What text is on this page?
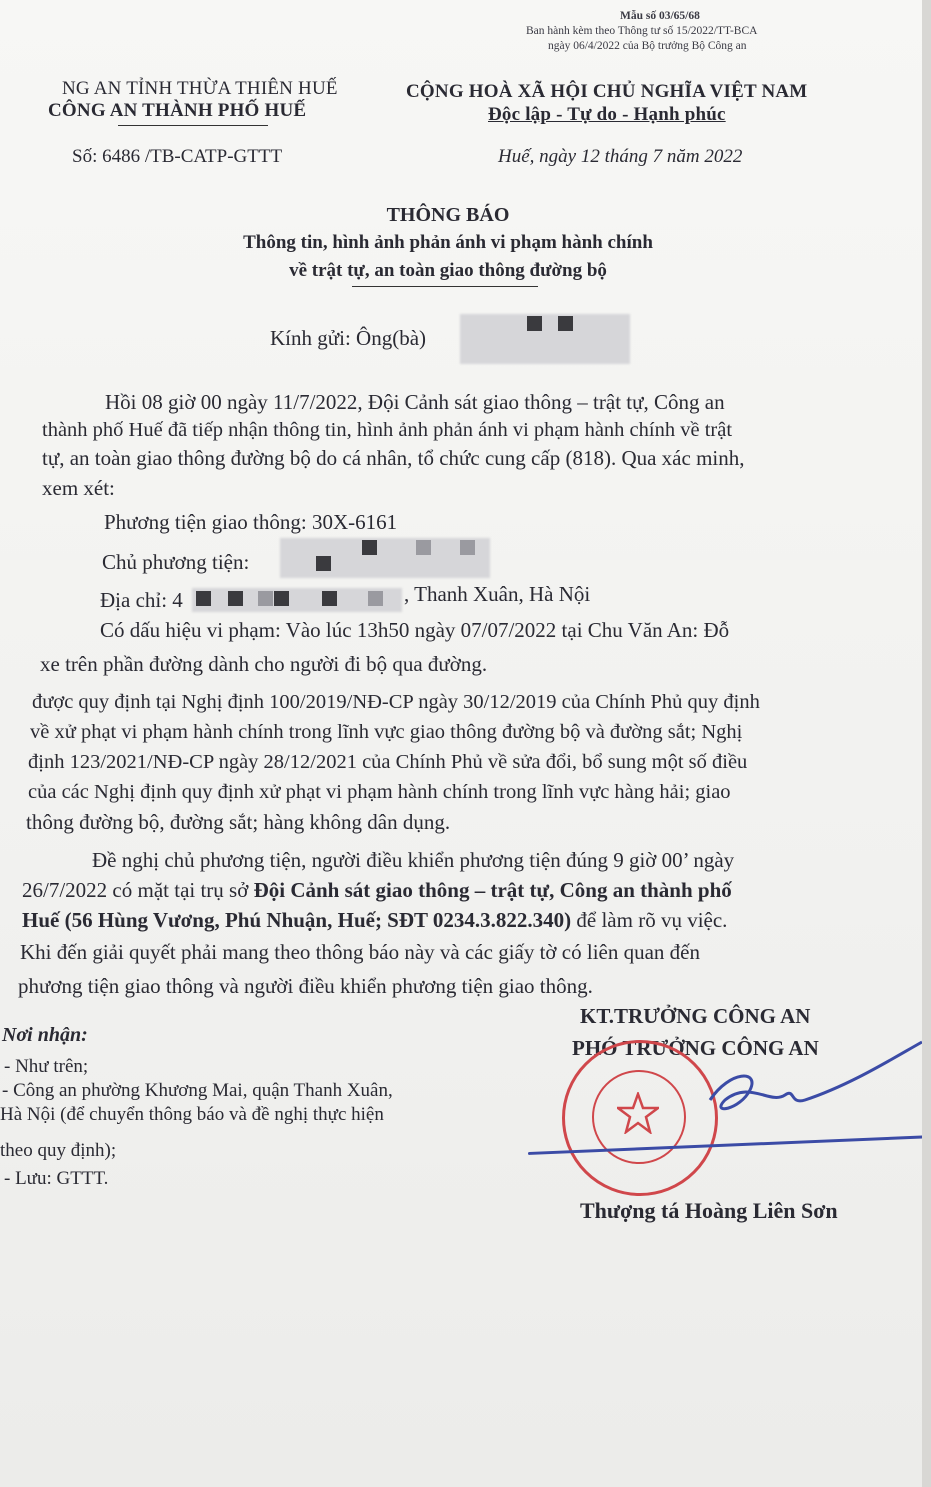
Mẫu số 03/65/68
Ban hành kèm theo Thông tư số 15/2022/TT-BCA
ngày 06/4/2022 của Bộ trưởng Bộ Công an
NG AN TỈNH THỪA THIÊN HUẾ
CÔNG AN THÀNH PHỐ HUẾ
Số: 6486 /TB-CATP-GTTT
CỘNG HOÀ XÃ HỘI CHỦ NGHĨA VIỆT NAM
Độc lập - Tự do - Hạnh phúc
Huế, ngày 12 tháng 7 năm 2022
THÔNG BÁO
Thông tin, hình ảnh phản ánh vi phạm hành chính
về trật tự, an toàn giao thông đường bộ
Kính gửi: Ông(bà)
Hồi 08 giờ 00 ngày 11/7/2022, Đội Cảnh sát giao thông – trật tự, Công an
thành phố Huế đã tiếp nhận thông tin, hình ảnh phản ánh vi phạm hành chính về trật
tự, an toàn giao thông đường bộ do cá nhân, tổ chức cung cấp (818). Qua xác minh,
xem xét:
Phương tiện giao thông: 30X-6161
Chủ phương tiện:
Địa chỉ: 4	, Thanh Xuân, Hà Nội
Có dấu hiệu vi phạm: Vào lúc 13h50 ngày 07/07/2022 tại Chu Văn An: Đỗ
xe trên phần đường dành cho người đi bộ qua đường.
được quy định tại Nghị định 100/2019/NĐ-CP ngày 30/12/2019 của Chính Phủ quy định
về xử phạt vi phạm hành chính trong lĩnh vực giao thông đường bộ và đường sắt; Nghị
định 123/2021/NĐ-CP ngày 28/12/2021 của Chính Phủ về sửa đổi, bổ sung một số điều
của các Nghị định quy định xử phạt vi phạm hành chính trong lĩnh vực hàng hải; giao
thông đường bộ, đường sắt; hàng không dân dụng.
Đề nghị chủ phương tiện, người điều khiển phương tiện đúng 9 giờ 00’ ngày
26/7/2022 có mặt tại trụ sở Đội Cảnh sát giao thông – trật tự, Công an thành phố
Huế (56 Hùng Vương, Phú Nhuận, Huế; SĐT 0234.3.822.340) để làm rõ vụ việc.
Khi đến giải quyết phải mang theo thông báo này và các giấy tờ có liên quan đến
phương tiện giao thông và người điều khiển phương tiện giao thông.
Nơi nhận:
- Như trên;
- Công an phường Khương Mai, quận Thanh Xuân,
Hà Nội (để chuyển thông báo và đề nghị thực hiện
theo quy định);
- Lưu: GTTT.
KT.TRƯỞNG CÔNG AN
PHÓ TRƯỞNG CÔNG AN
Thượng tá Hoàng Liên Sơn
